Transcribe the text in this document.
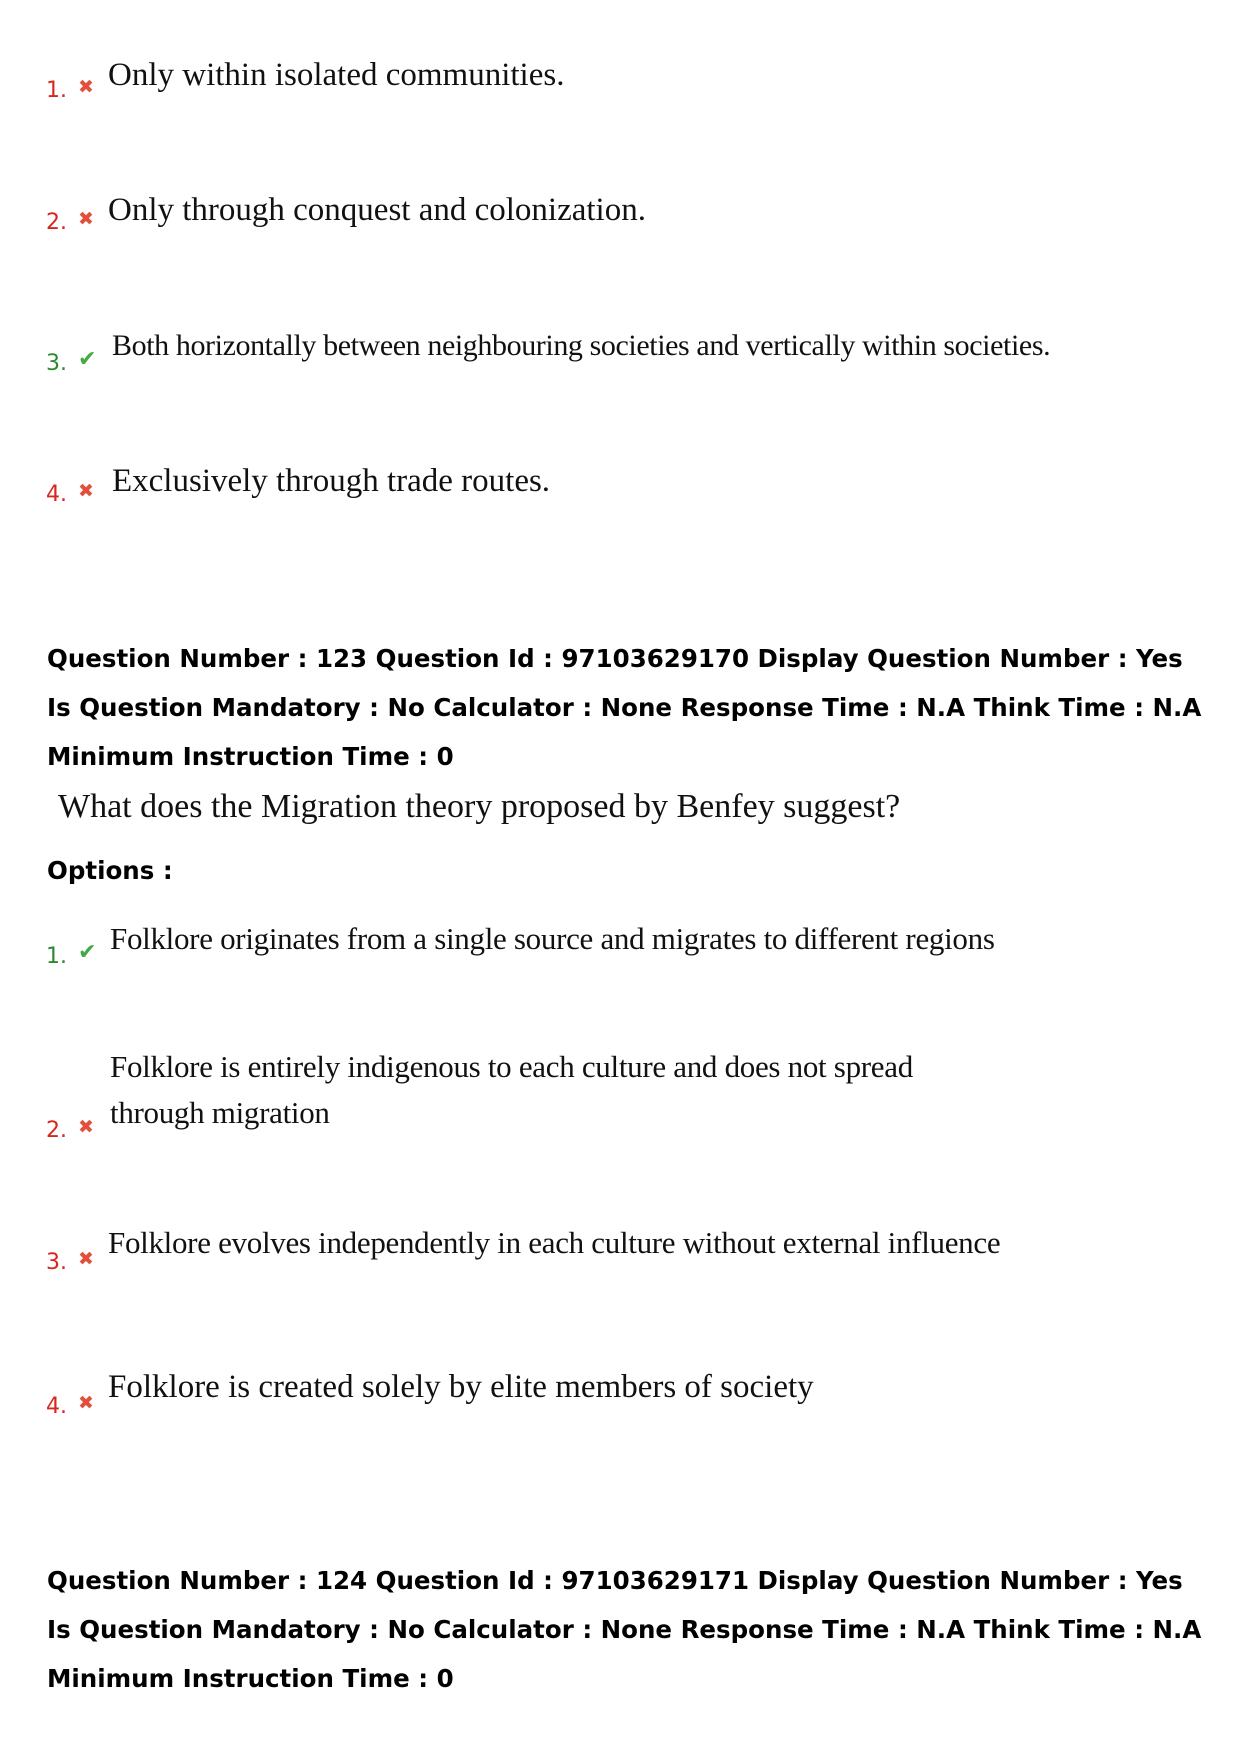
1. ✖ Only within isolated communities.
2. ✖ Only through conquest and colonization.
3. ✔ Both horizontally between neighbouring societies and vertically within societies.
4. ✖ Exclusively through trade routes.
Question Number : 123 Question Id : 97103629170 Display Question Number : Yes Is Question Mandatory : No Calculator : None Response Time : N.A Think Time : N.A Minimum Instruction Time : 0
What does the Migration theory proposed by Benfey suggest?
Options :
1. ✔ Folklore originates from a single source and migrates to different regions
2. ✖
Folklore is entirely indigenous to each culture and does not spread through migration
3. ✖ Folklore evolves independently in each culture without external influence
4. ✖ Folklore is created solely by elite members of society
Question Number : 124 Question Id : 97103629171 Display Question Number : Yes Is Question Mandatory : No Calculator : None Response Time : N.A Think Time : N.A Minimum Instruction Time : 0
